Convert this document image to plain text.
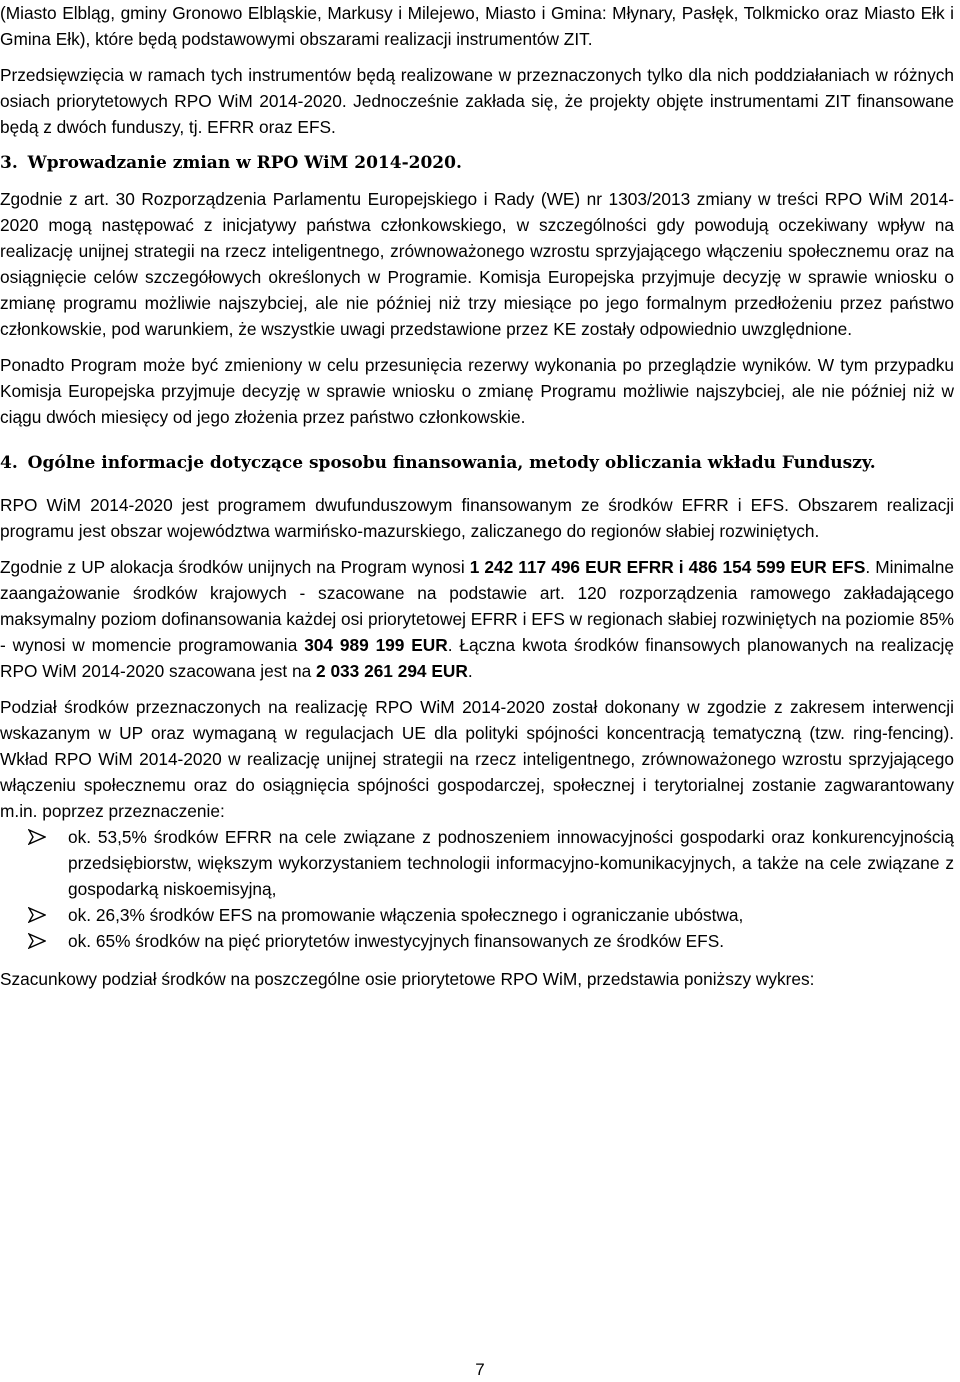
(Miasto Elbląg, gminy Gronowo Elbląskie, Markusy i Milejewo, Miasto i Gmina: Młynary, Pasłęk, Tolkmicko oraz Miasto Ełk i Gmina Ełk), które będą podstawowymi obszarami realizacji instrumentów ZIT.

Przedsięwzięcia w ramach tych instrumentów będą realizowane w przeznaczonych tylko dla nich poddziałaniach w różnych osiach priorytetowych RPO WiM 2014-2020. Jednocześnie zakłada się, że projekty objęte instrumentami ZIT finansowane będą z dwóch funduszy, tj. EFRR oraz EFS.

3. Wprowadzanie zmian w RPO WiM 2014-2020.

Zgodnie z art. 30 Rozporządzenia Parlamentu Europejskiego i Rady (WE) nr 1303/2013 zmiany w treści RPO WiM 2014-2020 mogą następować z inicjatywy państwa członkowskiego, w szczególności gdy powodują oczekiwany wpływ na realizację unijnej strategii na rzecz inteligentnego, zrównoważonego wzrostu sprzyjającego włączeniu społecznemu oraz na osiągnięcie celów szczegółowych określonych w Programie. Komisja Europejska przyjmuje decyzję w sprawie wniosku o zmianę programu możliwie najszybciej, ale nie później niż trzy miesiące po jego formalnym przedłożeniu przez państwo członkowskie, pod warunkiem, że wszystkie uwagi przedstawione przez KE zostały odpowiednio uwzględnione.

Ponadto Program może być zmieniony w celu przesunięcia rezerwy wykonania po przeglądzie wyników. W tym przypadku Komisja Europejska przyjmuje decyzję w sprawie wniosku o zmianę Programu możliwie najszybciej, ale nie później niż w ciągu dwóch miesięcy od jego złożenia przez państwo członkowskie.

4. Ogólne informacje dotyczące sposobu finansowania, metody obliczania wkładu Funduszy.

RPO WiM 2014-2020 jest programem dwufunduszowym finansowanym ze środków EFRR i EFS. Obszarem realizacji programu jest obszar województwa warmińsko-mazurskiego, zaliczanego do regionów słabiej rozwiniętych.

Zgodnie z UP alokacja środków unijnych na Program wynosi 1 242 117 496 EUR EFRR i 486 154 599 EUR EFS. Minimalne zaangażowanie środków krajowych - szacowane na podstawie art. 120 rozporządzenia ramowego zakładającego maksymalny poziom dofinansowania każdej osi priorytetowej EFRR i EFS w regionach słabiej rozwiniętych na poziomie 85% - wynosi w momencie programowania 304 989 199 EUR. Łączna kwota środków finansowych planowanych na realizację RPO WiM 2014-2020 szacowana jest na 2 033 261 294 EUR.

Podział środków przeznaczonych na realizację RPO WiM 2014-2020 został dokonany w zgodzie z zakresem interwencji wskazanym w UP oraz wymaganą w regulacjach UE dla polityki spójności koncentracją tematyczną (tzw. ring-fencing). Wkład RPO WiM 2014-2020 w realizację unijnej strategii na rzecz inteligentnego, zrównoważonego wzrostu sprzyjającego włączeniu społecznemu oraz do osiągnięcia spójności gospodarczej, społecznej i terytorialnej zostanie zagwarantowany m.in. poprzez przeznaczenie:

ok. 53,5% środków EFRR na cele związane z podnoszeniem innowacyjności gospodarki oraz konkurencyjnością przedsiębiorstw, większym wykorzystaniem technologii informacyjno-komunikacyjnych, a także na cele związane z gospodarką niskoemisyjną,
ok. 26,3% środków EFS na promowanie włączenia społecznego i ograniczanie ubóstwa,
ok. 65% środków na pięć priorytetów inwestycyjnych finansowanych ze środków EFS.

Szacunkowy podział środków na poszczególne osie priorytetowe RPO WiM, przedstawia poniższy wykres:

7
